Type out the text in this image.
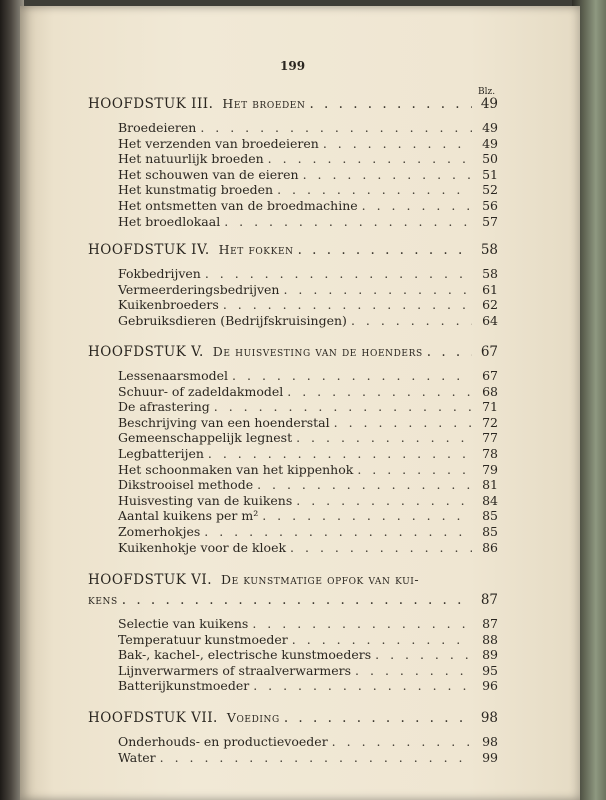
199
Blz.
HOOFDSTUK III. Het broeden . . .	49
Broedeieren . . .	49
Het verzenden van broedeieren . . .	49
Het natuurlijk broeden . . .	50
Het schouwen van de eieren . . .	51
Het kunstmatig broeden . . .	52
Het ontsmetten van de broedmachine . . .	56
Het broedlokaal . . .	57
HOOFDSTUK IV. Het fokken . . .	58
Fokbedrijven . . .	58
Vermeerderingsbedrijven . . .	61
Kuikenbroeders . . .	62
Gebruiksdieren (Bedrijfskruisingen) . . .	64
HOOFDSTUK V. De huisvesting van de hoenders . . .	67
Lessenaarsmodel . . .	67
Schuur- of zadeldakmodel . . .	68
De afrastering . . .	71
Beschrijving van een hoenderstal . . .	72
Gemeenschappelijk legnest . . .	77
Legbatterijen . . .	78
Het schoonmaken van het kippenhok . . .	79
Dikstrooisel methode . . .	81
Huisvesting van de kuikens . . .	84
Aantal kuikens per m² . . .	85
Zomerhokjes . . .	85
Kuikenhokje voor de kloek . . .	86
HOOFDSTUK VI. De kunstmatige opfok van kui-
kens . . .	87
Selectie van kuikens . . .	87
Temperatuur kunstmoeder . . .	88
Bak-, kachel-, electrische kunstmoeders . . .	89
Lijnverwarmers of straalverwarmers . . .	95
Batterijkunstmoeder . . .	96
HOOFDSTUK VII. Voeding . . .	98
Onderhouds- en productievoeder . . .	98
Water . . .	99
